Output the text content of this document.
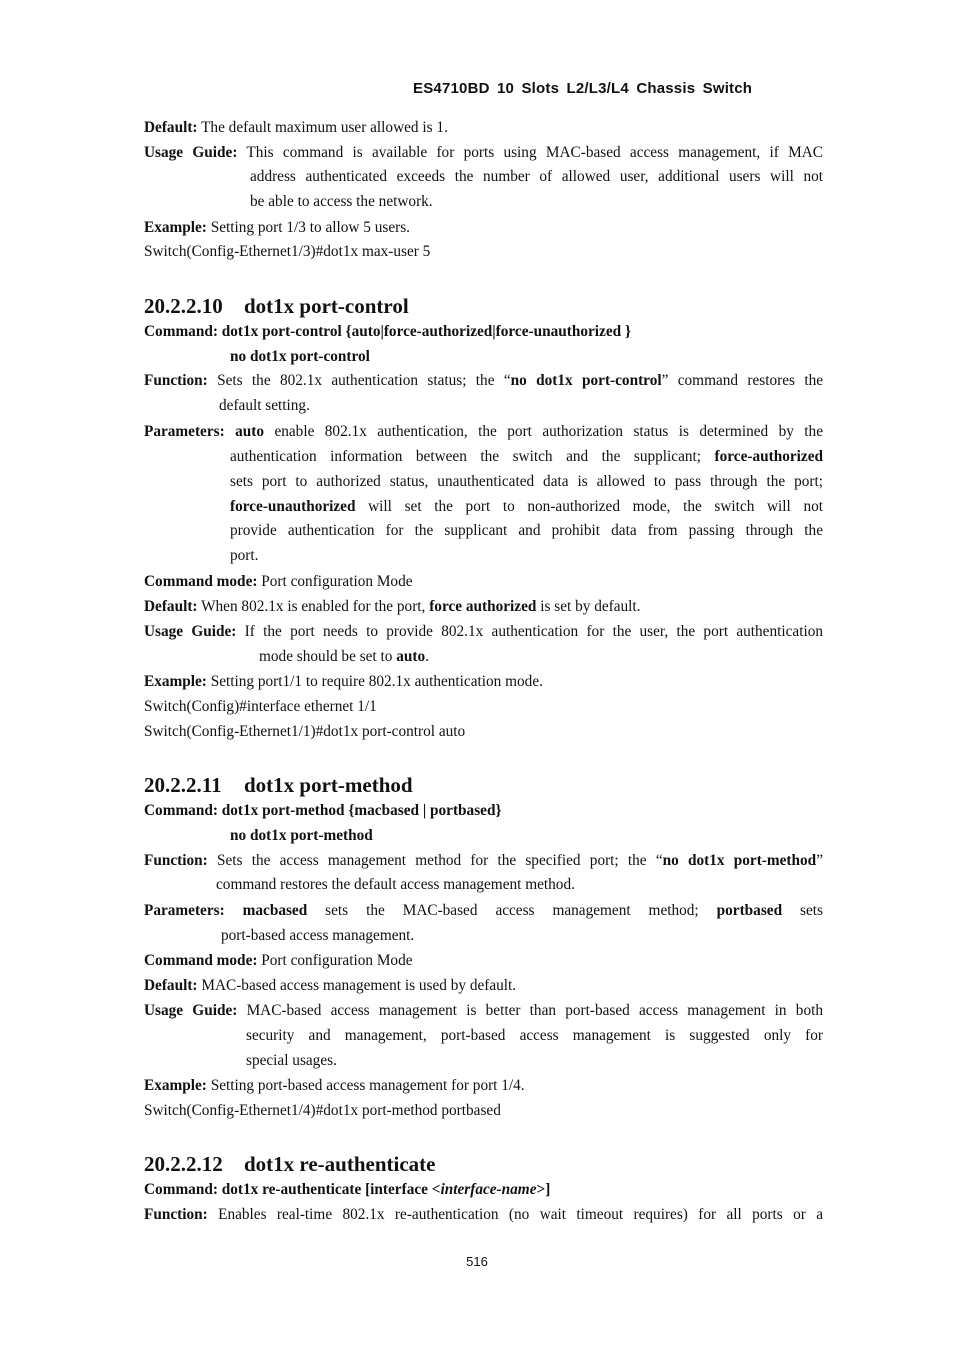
ES4710BD 10 Slots L2/L3/L4 Chassis Switch
Default: The default maximum user allowed is 1.
Usage Guide: This command is available for ports using MAC-based access management, if MAC
address authenticated exceeds the number of allowed user, additional users will not
be able to access the network.
Example: Setting port 1/3 to allow 5 users.
Switch(Config-Ethernet1/3)#dot1x max-user 5
20.2.2.10 dot1x port-control
Command: dot1x port-control {auto|force-authorized|force-unauthorized }
no dot1x port-control
Function: Sets the 802.1x authentication status; the “no dot1x port-control” command restores the
default setting.
Parameters: auto enable 802.1x authentication, the port authorization status is determined by the
authentication information between the switch and the supplicant; force-authorized
sets port to authorized status, unauthenticated data is allowed to pass through the port;
force-unauthorized will set the port to non-authorized mode, the switch will not
provide authentication for the supplicant and prohibit data from passing through the
port.
Command mode: Port configuration Mode
Default: When 802.1x is enabled for the port, force authorized is set by default.
Usage Guide: If the port needs to provide 802.1x authentication for the user, the port authentication
mode should be set to auto.
Example: Setting port1/1 to require 802.1x authentication mode.
Switch(Config)#interface ethernet 1/1
Switch(Config-Ethernet1/1)#dot1x port-control auto
20.2.2.11 dot1x port-method
Command: dot1x port-method {macbased | portbased}
no dot1x port-method
Function: Sets the access management method for the specified port; the “no dot1x port-method”
command restores the default access management method.
Parameters: macbased sets the MAC-based access management method; portbased sets
port-based access management.
Command mode: Port configuration Mode
Default: MAC-based access management is used by default.
Usage Guide: MAC-based access management is better than port-based access management in both
security and management, port-based access management is suggested only for
special usages.
Example: Setting port-based access management for port 1/4.
Switch(Config-Ethernet1/4)#dot1x port-method portbased
20.2.2.12 dot1x re-authenticate
Command: dot1x re-authenticate [interface <interface-name>]
Function: Enables real-time 802.1x re-authentication (no wait timeout requires) for all ports or a
516
